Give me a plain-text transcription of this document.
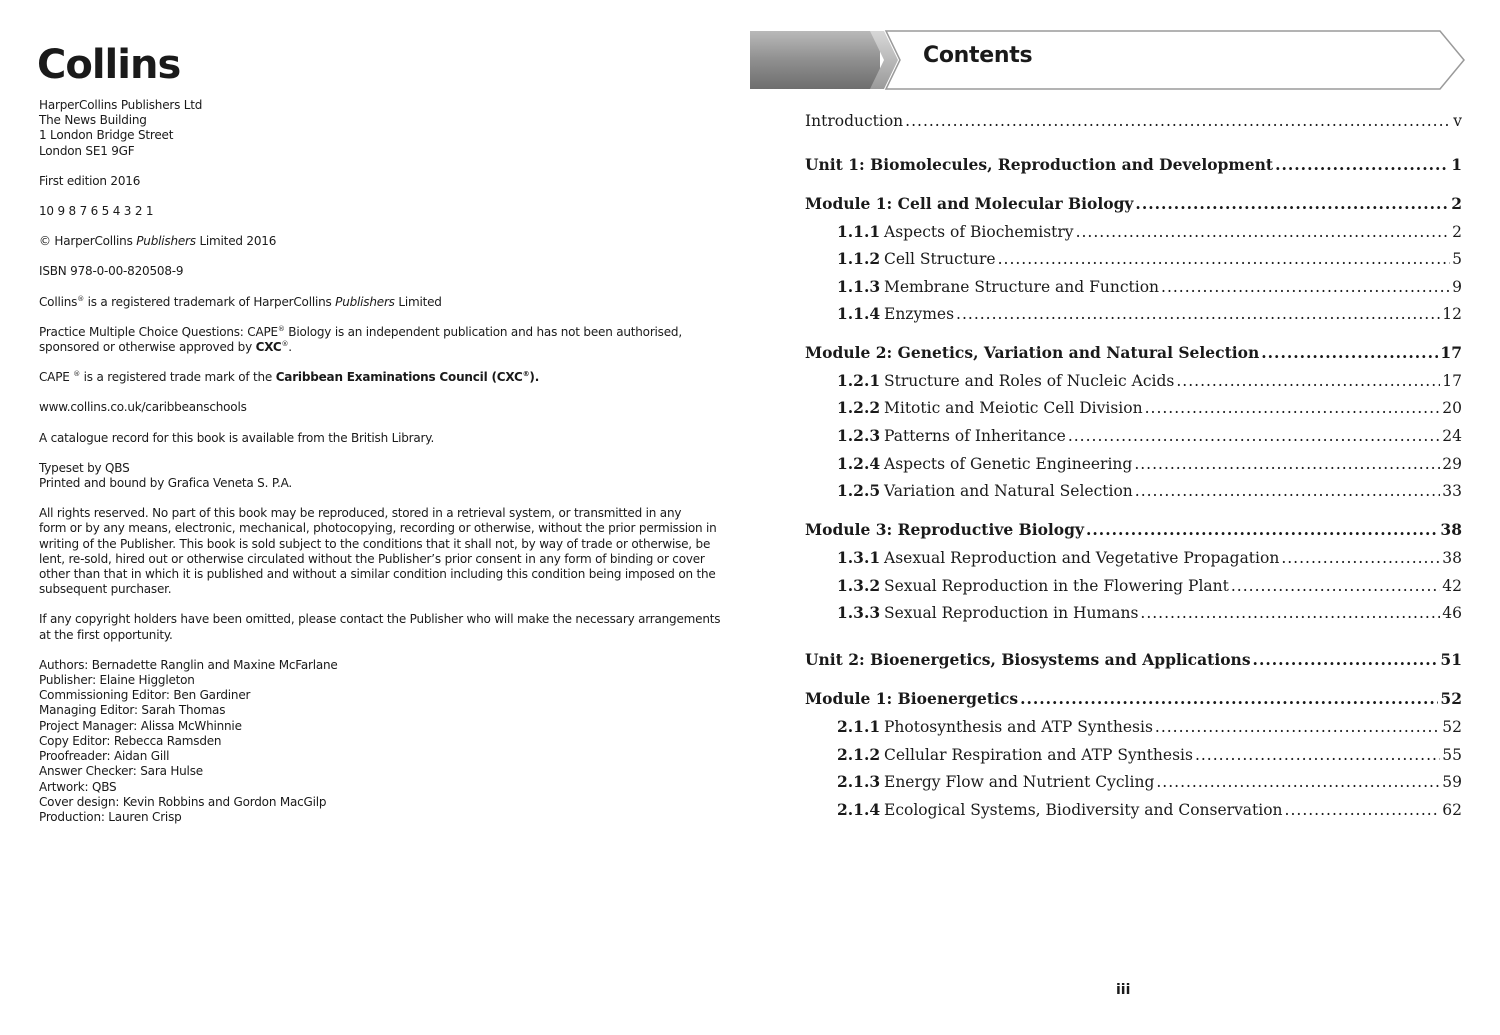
Collins
HarperCollins Publishers Ltd
The News Building
1 London Bridge Street
London SE1 9GF
First edition 2016
10 9 8 7 6 5 4 3 2 1
© HarperCollins Publishers Limited 2016
ISBN 978-0-00-820508-9
Collins® is a registered trademark of HarperCollins Publishers Limited
Practice Multiple Choice Questions: CAPE® Biology is an independent publication and has not been authorised,
sponsored or otherwise approved by CXC®.
CAPE ® is a registered trade mark of the Caribbean Examinations Council (CXC®).
www.collins.co.uk/caribbeanschools
A catalogue record for this book is available from the British Library.
Typeset by QBS
Printed and bound by Grafica Veneta S. P.A.
All rights reserved. No part of this book may be reproduced, stored in a retrieval system, or transmitted in any
form or by any means, electronic, mechanical, photocopying, recording or otherwise, without the prior permission in
writing of the Publisher. This book is sold subject to the conditions that it shall not, by way of trade or otherwise, be
lent, re-sold, hired out or otherwise circulated without the Publisher’s prior consent in any form of binding or cover
other than that in which it is published and without a similar condition including this condition being imposed on the
subsequent purchaser.
If any copyright holders have been omitted, please contact the Publisher who will make the necessary arrangements
at the first opportunity.
Authors: Bernadette Ranglin and Maxine McFarlane
Publisher: Elaine Higgleton
Commissioning Editor: Ben Gardiner
Managing Editor: Sarah Thomas
Project Manager: Alissa McWhinnie
Copy Editor: Rebecca Ramsden
Proofreader: Aidan Gill
Answer Checker: Sara Hulse
Artwork: QBS
Cover design: Kevin Robbins and Gordon MacGilp
Production: Lauren Crisp
Contents
Introduction .....	v
Unit 1: Biomolecules, Reproduction and Development .....	1
Module 1: Cell and Molecular Biology .....	2
1.1.1 Aspects of Biochemistry .....	2
1.1.2 Cell Structure .....	5
1.1.3 Membrane Structure and Function .....	9
1.1.4 Enzymes .....	12
Module 2: Genetics, Variation and Natural Selection .....	17
1.2.1 Structure and Roles of Nucleic Acids .....	17
1.2.2 Mitotic and Meiotic Cell Division .....	20
1.2.3 Patterns of Inheritance .....	24
1.2.4 Aspects of Genetic Engineering .....	29
1.2.5 Variation and Natural Selection .....	33
Module 3: Reproductive Biology .....	38
1.3.1 Asexual Reproduction and Vegetative Propagation .....	38
1.3.2 Sexual Reproduction in the Flowering Plant .....	42
1.3.3 Sexual Reproduction in Humans .....	46
Unit 2: Bioenergetics, Biosystems and Applications .....	51
Module 1: Bioenergetics .....	52
2.1.1 Photosynthesis and ATP Synthesis .....	52
2.1.2 Cellular Respiration and ATP Synthesis .....	55
2.1.3 Energy Flow and Nutrient Cycling .....	59
2.1.4 Ecological Systems, Biodiversity and Conservation .....	62
iii
